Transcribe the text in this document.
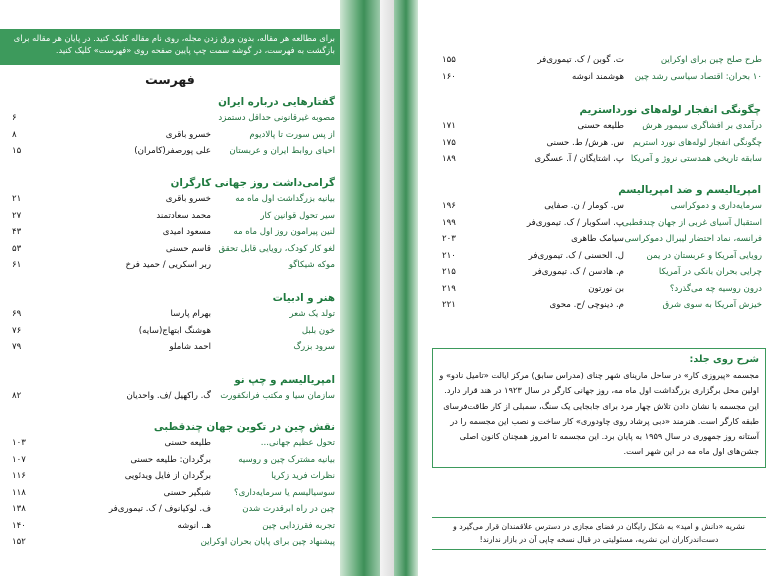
برای مطالعه هر مقاله، بدون ورق زدن مجله، روی نام مقاله کلیک کنید. در پایان هر مقاله برای بازگشت به فهرست، در گوشه سمت چپ پایین صفحه روی «فهرست» کلیک کنید.
فهرست
گفتارهایی درباره ایران
مصوبه غیرقانونی حداقل دستمزد
۶
از پس سورت تا پالادیوم
خسرو باقری
۸
احیای روابط ایران و عربستان
علی پورصفر(کامران)
۱۵
گرامی‌داشت روز جهانی کارگران
بیانیه بزرگداشت اول ماه مه
خسرو باقری
۲۱
سیر تحول قوانین کار
محمد سعادتمند
۲۷
لنین پیرامون روز اول ماه مه
مسعود امیدی
۴۳
لغو کار کودک، رویایی قابل تحقق
قاسم حسنی
۵۳
موکه شیکاگو
ربر اسکریی / حمید فرخ
۶۱
هنر و ادبیات
تولد یک شعر
بهرام پارسا
۶۹
خون بلبل
هوشنگ ابتهاج(سایه)
۷۶
سرود بزرگ
احمد شاملو
۷۹
امپریالیسم و چپ نو
سازمان سیا و مکتب فرانکفورت
گ. راکهیل /ف. واحدیان
۸۲
نقش چین در تکوین جهان چندقطبی
تحول عظیم جهانی...
طلیعه حسنی
۱۰۳
بیانیه مشترک چین و روسیه
برگردان: طلیعه حسنی
۱۰۷
نظرات فرید زکریا
برگردان از فایل ویدئویی
۱۱۶
سوسیالیسم یا سرمایه‌داری؟
شبگیر حسنی
۱۱۸
چین در راه ابرقدرت شدن
ف. لوکیانوف / ک. تیموری‌فر
۱۳۸
تجربه فقرزدایی چین
هـ. انوشه
۱۴۰
پیشنهاد چین برای پایان بحران اوکراین
۱۵۲
طرح صلح چین برای اوکراین
ت. گوبن / ک. تیموری‌فر
۱۵۵
۱۰ بحران: اقتصاد سیاسی رشد چین
هوشمند انوشه
۱۶۰
چگونگی انفجار لوله‌های نورداستریم
درآمدی بر افشاگری سیمور هرش
طلیعه حسنی
۱۷۱
چگونگی انفجار لوله‌های نورد استریم
س. هرش/ ط. حسنی
۱۷۵
سابقه تاریخی همدستی نروژ و آمریکا
پ. اشتایگان / آ. عسگری
۱۸۹
امپریالیسم و ضد امپریالیسم
سرمایه‌داری و دموکراسی
س. کومار / ن. صفایی
۱۹۶
استقبال آسیای غربی از جهان چندقطبی
پ. اسکوبار / ک. تیموری‌فر
۱۹۹
فرانسه، نماد احتضار لیبرال دموکراسی
سیامک طاهری
۲۰۳
رویایی آمریکا و عربستان در یمن
ل. الحسنی / ک. تیموری‌فر
۲۱۰
چرایی بحران بانکی در آمریکا
م. هادسن / ک. تیموری‌فر
۲۱۵
درون روسیه چه می‌گذرد؟
بن نورتون
۲۱۹
خیزش آمریکا به سوی شرق
م. دینوچی /ح. محوی
۲۲۱
شرح روی جلد:
مجسمه «پیروزی کار» در ساحل مارینای شهر چنای (مدراس سابق) مرکز ایالت «تامیل نادو» و اولین محل برگزاری بزرگداشت اول ماه مه، روز جهانی کارگر در سال ۱۹۲۳ در هند قرار دارد. این مجسمه با نشان دادن تلاش چهار مرد برای جابجایی یک سنگ، سمبلی از کار طاقت‌فرسای طبقه کارگر است. هنرمند «دبی پرشاد روی چاودوری» کار ساخت و نصب این مجسمه را در آستانه روز جمهوری در سال ۱۹۵۹ به پایان برد. این مجسمه تا امروز همچنان کانون اصلی جشن‌های اول ماه مه در این شهر است.
نشریه «دانش و امید» به شکل رایگان در فضای مجازی در دسترس علاقمندان قرار می‌گیرد و دست‌اندرکاران این نشریه، مسئولیتی در قبال نسخه چاپی آن در بازار ندارند!
